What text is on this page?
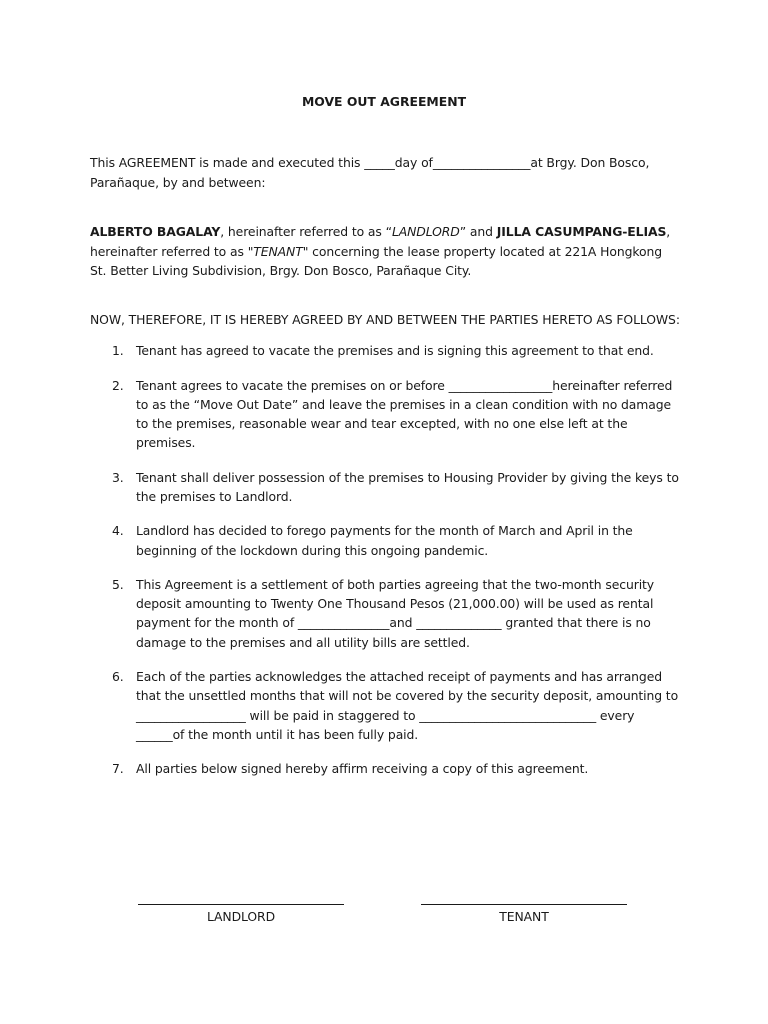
MOVE OUT AGREEMENT

This AGREEMENT is made and executed this _____day of________________at Brgy. Don Bosco, Parañaque, by and between:

ALBERTO BAGALAY, hereinafter referred to as “LANDLORD” and JILLA CASUMPANG-ELIAS, hereinafter referred to as "TENANT" concerning the lease property located at 221A Hongkong St. Better Living Subdivision, Brgy. Don Bosco, Parañaque City.

NOW, THEREFORE, IT IS HEREBY AGREED BY AND BETWEEN THE PARTIES HERETO AS FOLLOWS:

1. Tenant has agreed to vacate the premises and is signing this agreement to that end.
2. Tenant agrees to vacate the premises on or before _________________hereinafter referred to as the “Move Out Date” and leave the premises in a clean condition with no damage to the premises, reasonable wear and tear excepted, with no one else left at the premises.
3. Tenant shall deliver possession of the premises to Housing Provider by giving the keys to the premises to Landlord.
4. Landlord has decided to forego payments for the month of March and April in the beginning of the lockdown during this ongoing pandemic.
5. This Agreement is a settlement of both parties agreeing that the two-month security deposit amounting to Twenty One Thousand Pesos (21,000.00) will be used as rental payment for the month of _______________and ______________ granted that there is no damage to the premises and all utility bills are settled.
6. Each of the parties acknowledges the attached receipt of payments and has arranged that the unsettled months that will not be covered by the security deposit, amounting to __________________ will be paid in staggered to _____________________________ every ______of the month until it has been fully paid.
7. All parties below signed hereby affirm receiving a copy of this agreement.
LANDLORD	TENANT
